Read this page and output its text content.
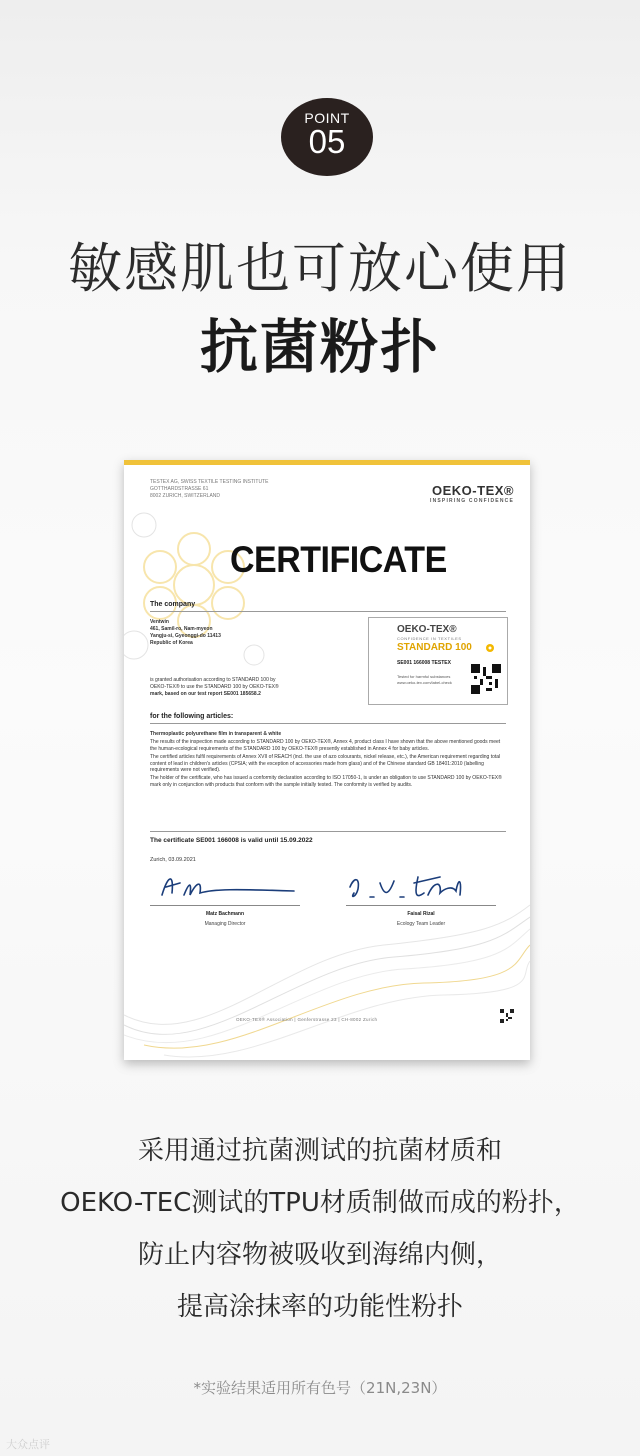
POINT
05
敏感肌也可放心使用
抗菌粉扑
TESTEX AG, SWISS TEXTILE TESTING INSTITUTE
GOTTHARDSTRASSE 61
8002 ZURICH, SWITZERLAND	OEKO-TEX®
INSPIRING CONFIDENCE
CERTIFICATE
The company
Ventwin
461, Samil-ro, Nam-myeon
Yangju-si, Gyeonggi-do 11413
Republic of Korea
OEKO-TEX®
CONFIDENCE IN TEXTILES
STANDARD 100
SE001 166008 TESTEX
Tested for harmful substances
www.oeko-tex.com/label-check
is granted authorisation according to STANDARD 100 by
OEKO-TEX® to use the STANDARD 100 by OEKO-TEX®
mark, based on our test report SE001 185658.2
for the following articles:

Thermoplastic polyurethane film in transparent & white

The results of the inspection made according to STANDARD 100 by OEKO-TEX®, Annex 4, product class I have shown that the above mentioned goods meet the human-ecological requirements of the STANDARD 100 by OEKO-TEX® presently established in Annex 4 for baby articles.

The certified articles fulfil requirements of Annex XVII of REACH (incl. the use of azo colourants, nickel release, etc.), the American requirement regarding total content of lead in children's articles (CPSIA; with the exception of accessories made from glass) and of the Chinese standard GB 18401:2010 (labelling requirements were not verified).

The holder of the certificate, who has issued a conformity declaration according to ISO 17050-1, is under an obligation to use STANDARD 100 by OEKO-TEX® mark only in conjunction with products that conform with the sample initially tested. The conformity is verified by audits.

The certificate SE001 166008 is valid until 15.09.2022
Zurich, 03.09.2021
Matz Bachmann
Managing Director
Faisal Rizal
Ecology Team Leader
OEKO-TEX® Association | Genferstrasse 23 | CH-8002 Zurich
采用通过抗菌测试的抗菌材质和
OEKO-TEC测试的TPU材质制做而成的粉扑，
防止内容物被吸收到海绵内侧，
提高涂抹率的功能性粉扑
*实验结果适用所有色号（21N,23N）
大众点评
